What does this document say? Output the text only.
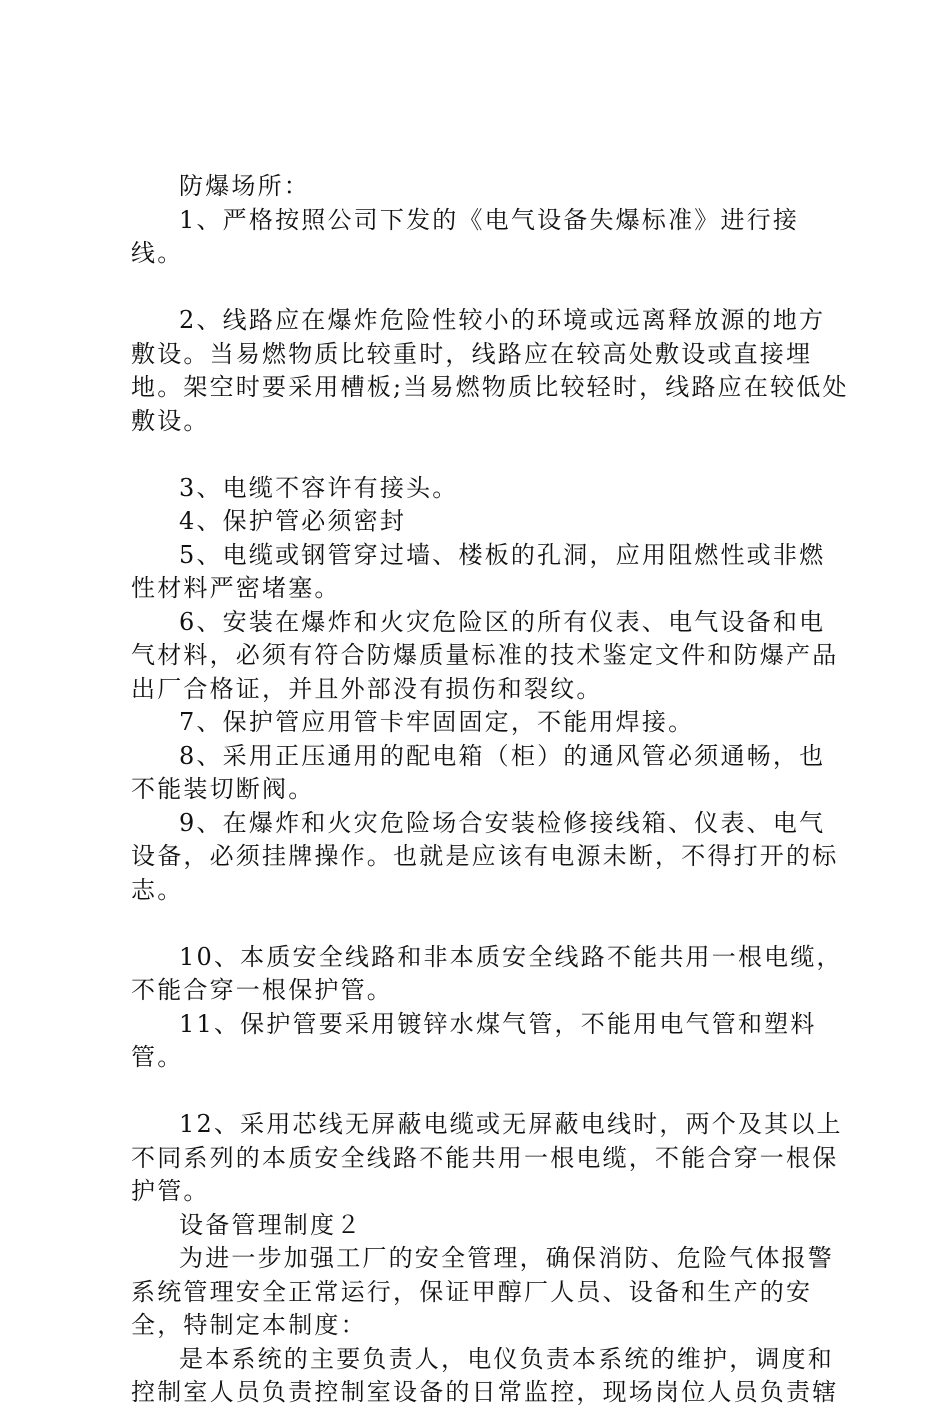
防爆场所：

1、严格按照公司下发的《电气设备失爆标准》进行接线。

2、线路应在爆炸危险性较小的环境或远离释放源的地方敷设。当易燃物质比较重时，线路应在较高处敷设或直接埋地。架空时要采用槽板;当易燃物质比较轻时，线路应在较低处敷设。

3、电缆不容许有接头。

4、保护管必须密封

5、电缆或钢管穿过墙、楼板的孔洞，应用阻燃性或非燃性材料严密堵塞。

6、安装在爆炸和火灾危险区的所有仪表、电气设备和电气材料，必须有符合防爆质量标准的技术鉴定文件和防爆产品出厂合格证，并且外部没有损伤和裂纹。

7、保护管应用管卡牢固固定，不能用焊接。

8、采用正压通用的配电箱（柜）的通风管必须通畅，也不能装切断阀。

9、在爆炸和火灾危险场合安装检修接线箱、仪表、电气设备，必须挂牌操作。也就是应该有电源未断，不得打开的标志。

10、本质安全线路和非本质安全线路不能共用一根电缆，不能合穿一根保护管。

11、保护管要采用镀锌水煤气管，不能用电气管和塑料管。

12、采用芯线无屏蔽电缆或无屏蔽电线时，两个及其以上不同系列的本质安全线路不能共用一根电缆，不能合穿一根保护管。

设备管理制度２

为进一步加强工厂的安全管理，确保消防、危险气体报警系统管理安全正常运行，保证甲醇厂人员、设备和生产的安全，特制定本制度：

是本系统的主要负责人，电仪负责本系统的维护，调度和控制室人员负责控制室设备的日常监控，现场岗位人员负责辖
